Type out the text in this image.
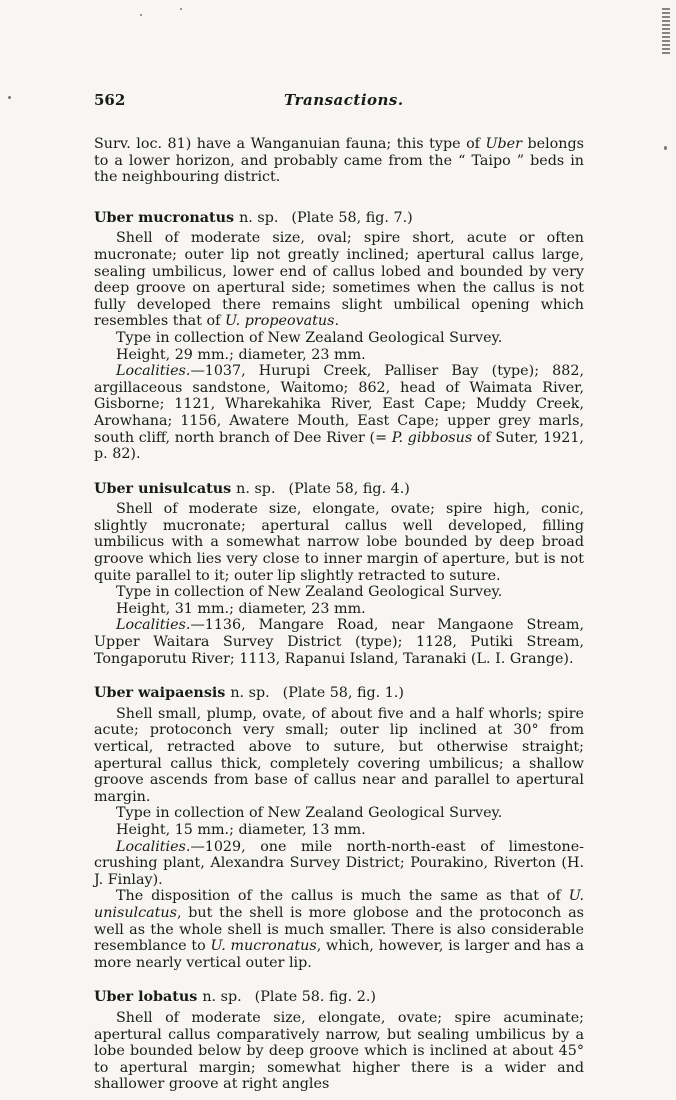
562	Transactions.

Surv. loc. 81) have a Wanganuian fauna; this type of Uber belongs to a lower horizon, and probably came from the “ Taipo ” beds in the neighbouring district.

Uber mucronatus n. sp. (Plate 58, fig. 7.)

Shell of moderate size, oval; spire short, acute or often mucronate; outer lip not greatly inclined; apertural callus large, sealing umbilicus, lower end of callus lobed and bounded by very deep groove on apertural side; sometimes when the callus is not fully developed there remains slight umbilical opening which resembles that of U. propeovatus.

Type in collection of New Zealand Geological Survey.

Height, 29 mm.; diameter, 23 mm.

Localities.—1037, Hurupi Creek, Palliser Bay (type); 882, argillaceous sandstone, Waitomo; 862, head of Waimata River, Gisborne; 1121, Wharekahika River, East Cape; Muddy Creek, Arowhana; 1156, Awatere Mouth, East Cape; upper grey marls, south cliff, north branch of Dee River (= P. gibbosus of Suter, 1921, p. 82).

Uber unisulcatus n. sp. (Plate 58, fig. 4.)

Shell of moderate size, elongate, ovate; spire high, conic, slightly mucronate; apertural callus well developed, filling umbilicus with a somewhat narrow lobe bounded by deep broad groove which lies very close to inner margin of aperture, but is not quite parallel to it; outer lip slightly retracted to suture.

Type in collection of New Zealand Geological Survey.

Height, 31 mm.; diameter, 23 mm.

Localities.—1136, Mangare Road, near Mangaone Stream, Upper Waitara Survey District (type); 1128, Putiki Stream, Tongaporutu River; 1113, Rapanui Island, Taranaki (L. I. Grange).

Uber waipaensis n. sp. (Plate 58, fig. 1.)

Shell small, plump, ovate, of about five and a half whorls; spire acute; protoconch very small; outer lip inclined at 30° from vertical, retracted above to suture, but otherwise straight; apertural callus thick, completely covering umbilicus; a shallow groove ascends from base of callus near and parallel to apertural margin.

Type in collection of New Zealand Geological Survey.

Height, 15 mm.; diameter, 13 mm.

Localities.—1029, one mile north-north-east of limestone-crushing plant, Alexandra Survey District; Pourakino, Riverton (H. J. Finlay).

The disposition of the callus is much the same as that of U. unisulcatus, but the shell is more globose and the protoconch as well as the whole shell is much smaller. There is also considerable resemblance to U. mucronatus, which, however, is larger and has a more nearly vertical outer lip.

Uber lobatus n. sp. (Plate 58. fig. 2.)

Shell of moderate size, elongate, ovate; spire acuminate; apertural callus comparatively narrow, but sealing umbilicus by a lobe bounded below by deep groove which is inclined at about 45° to apertural margin; somewhat higher there is a wider and shallower groove at right angles
